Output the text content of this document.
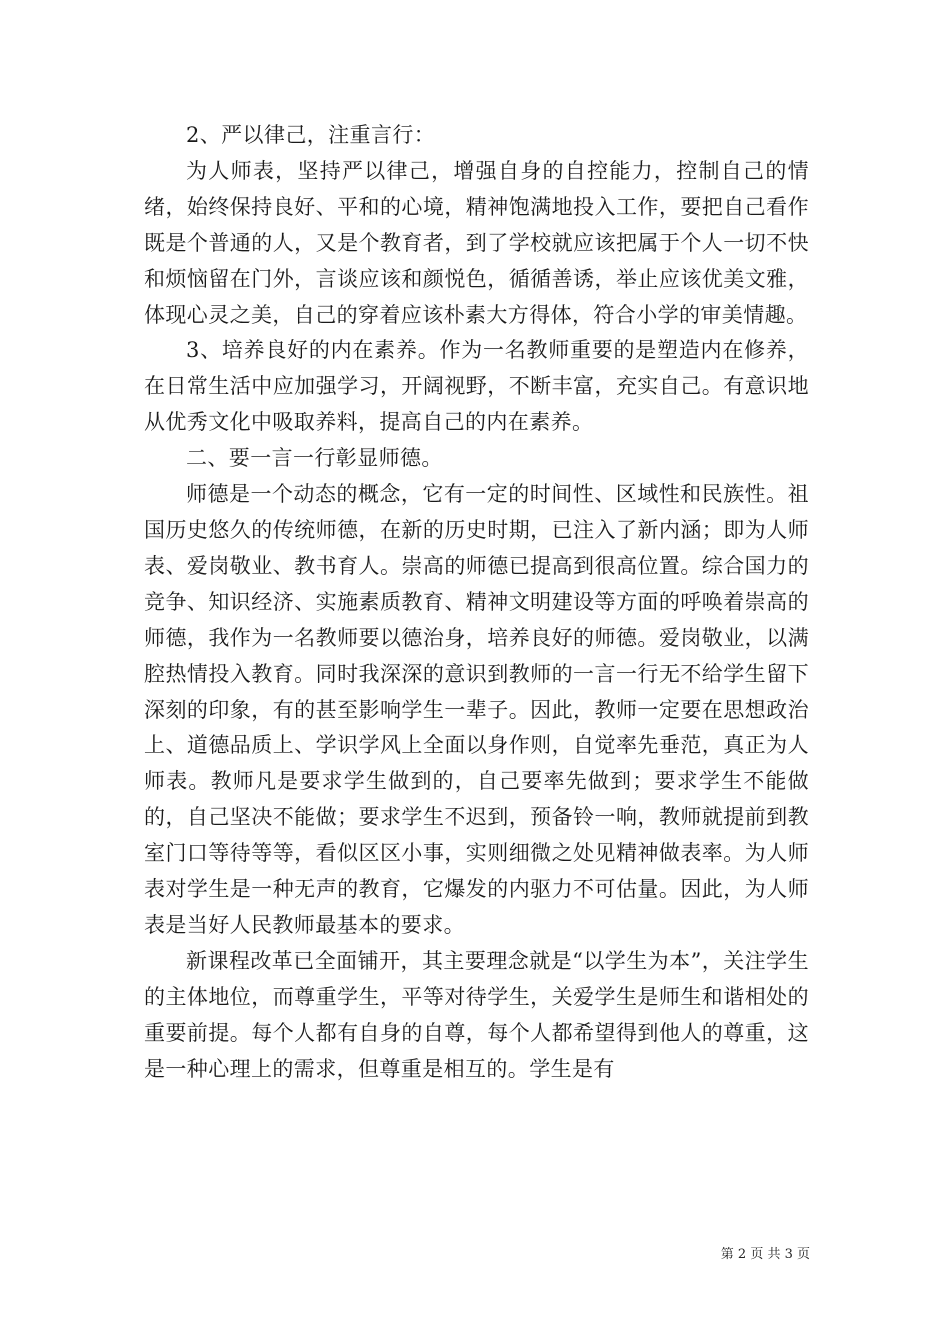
2、严以律己，注重言行：

为人师表，坚持严以律己，增强自身的自控能力，控制自己的情绪，始终保持良好、平和的心境，精神饱满地投入工作，要把自己看作既是个普通的人，又是个教育者，到了学校就应该把属于个人一切不快和烦恼留在门外，言谈应该和颜悦色，循循善诱，举止应该优美文雅，体现心灵之美，自己的穿着应该朴素大方得体，符合小学的审美情趣。

3、培养良好的内在素养。作为一名教师重要的是塑造内在修养，在日常生活中应加强学习，开阔视野，不断丰富，充实自己。有意识地从优秀文化中吸取养料，提高自己的内在素养。

二、要一言一行彰显师德。

师德是一个动态的概念，它有一定的时间性、区域性和民族性。祖国历史悠久的传统师德，在新的历史时期，已注入了新内涵；即为人师表、爱岗敬业、教书育人。崇高的师德已提高到很高位置。综合国力的竞争、知识经济、实施素质教育、精神文明建设等方面的呼唤着崇高的师德，我作为一名教师要以德治身，培养良好的师德。爱岗敬业，以满腔热情投入教育。同时我深深的意识到教师的一言一行无不给学生留下深刻的印象，有的甚至影响学生一辈子。因此，教师一定要在思想政治上、道德品质上、学识学风上全面以身作则，自觉率先垂范，真正为人师表。教师凡是要求学生做到的，自己要率先做到；要求学生不能做的，自己坚决不能做；要求学生不迟到，预备铃一响，教师就提前到教室门口等待等等，看似区区小事，实则细微之处见精神做表率。为人师表对学生是一种无声的教育，它爆发的内驱力不可估量。因此，为人师表是当好人民教师最基本的要求。

新课程改革已全面铺开，其主要理念就是“以学生为本”，关注学生的主体地位，而尊重学生，平等对待学生，关爱学生是师生和谐相处的重要前提。每个人都有自身的自尊，每个人都希望得到他人的尊重，这是一种心理上的需求，但尊重是相互的。学生是有

第 2 页 共 3 页
